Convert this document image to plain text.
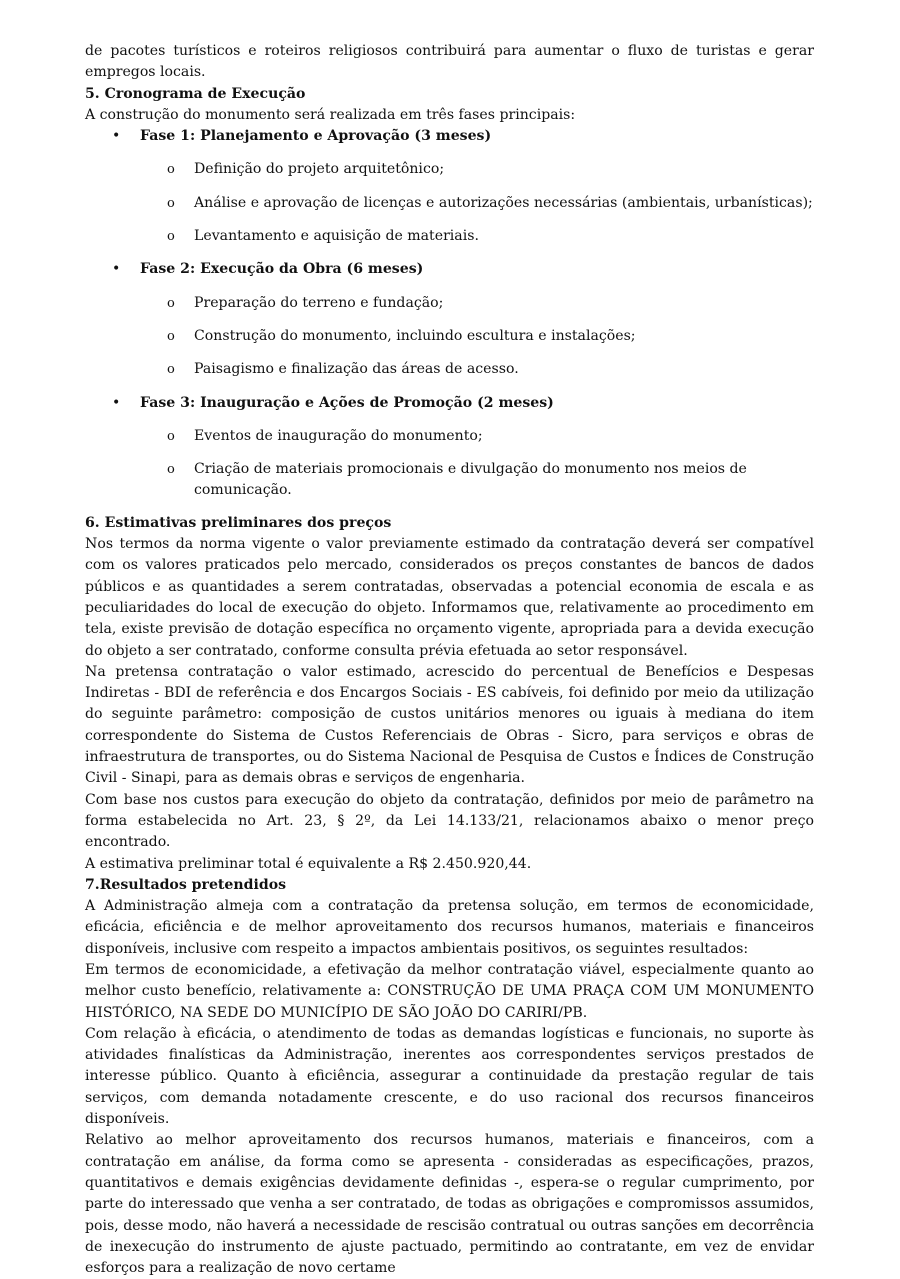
de pacotes turísticos e roteiros religiosos contribuirá para aumentar o fluxo de turistas e gerar empregos locais.

5. Cronograma de Execução

A construção do monumento será realizada em três fases principais:

• Fase 1: Planejamento e Aprovação (3 meses)
o Definição do projeto arquitetônico;
o Análise e aprovação de licenças e autorizações necessárias (ambientais, urbanísticas);
o Levantamento e aquisição de materiais.
• Fase 2: Execução da Obra (6 meses)
o Preparação do terreno e fundação;
o Construção do monumento, incluindo escultura e instalações;
o Paisagismo e finalização das áreas de acesso.
• Fase 3: Inauguração e Ações de Promoção (2 meses)
o Eventos de inauguração do monumento;
o Criação de materiais promocionais e divulgação do monumento nos meios de comunicação.
6. Estimativas preliminares dos preços

Nos termos da norma vigente o valor previamente estimado da contratação deverá ser compatível com os valores praticados pelo mercado, considerados os preços constantes de bancos de dados públicos e as quantidades a serem contratadas, observadas a potencial economia de escala e as peculiaridades do local de execução do objeto. Informamos que, relativamente ao procedimento em tela, existe previsão de dotação específica no orçamento vigente, apropriada para a devida execução do objeto a ser contratado, conforme consulta prévia efetuada ao setor responsável.

Na pretensa contratação o valor estimado, acrescido do percentual de Benefícios e Despesas Indiretas - BDI de referência e dos Encargos Sociais - ES cabíveis, foi definido por meio da utilização do seguinte parâmetro: composição de custos unitários menores ou iguais à mediana do item correspondente do Sistema de Custos Referenciais de Obras - Sicro, para serviços e obras de infraestrutura de transportes, ou do Sistema Nacional de Pesquisa de Custos e Índices de Construção Civil - Sinapi, para as demais obras e serviços de engenharia.

Com base nos custos para execução do objeto da contratação, definidos por meio de parâmetro na forma estabelecida no Art. 23, § 2º, da Lei 14.133/21, relacionamos abaixo o menor preço encontrado.

A estimativa preliminar total é equivalente a R$ 2.450.920,44.

7.Resultados pretendidos

A Administração almeja com a contratação da pretensa solução, em termos de economicidade, eficácia, eficiência e de melhor aproveitamento dos recursos humanos, materiais e financeiros disponíveis, inclusive com respeito a impactos ambientais positivos, os seguintes resultados:

Em termos de economicidade, a efetivação da melhor contratação viável, especialmente quanto ao melhor custo benefício, relativamente a: CONSTRUÇÃO DE UMA PRAÇA COM UM MONUMENTO HISTÓRICO, NA SEDE DO MUNICÍPIO DE SÃO JOÃO DO CARIRI/PB.

Com relação à eficácia, o atendimento de todas as demandas logísticas e funcionais, no suporte às atividades finalísticas da Administração, inerentes aos correspondentes serviços prestados de interesse público. Quanto à eficiência, assegurar a continuidade da prestação regular de tais serviços, com demanda notadamente crescente, e do uso racional dos recursos financeiros disponíveis.

Relativo ao melhor aproveitamento dos recursos humanos, materiais e financeiros, com a contratação em análise, da forma como se apresenta - consideradas as especificações, prazos, quantitativos e demais exigências devidamente definidas -, espera-se o regular cumprimento, por parte do interessado que venha a ser contratado, de todas as obrigações e compromissos assumidos, pois, desse modo, não haverá a necessidade de rescisão contratual ou outras sanções em decorrência de inexecução do instrumento de ajuste pactuado, permitindo ao contratante, em vez de envidar esforços para a realização de novo certame
